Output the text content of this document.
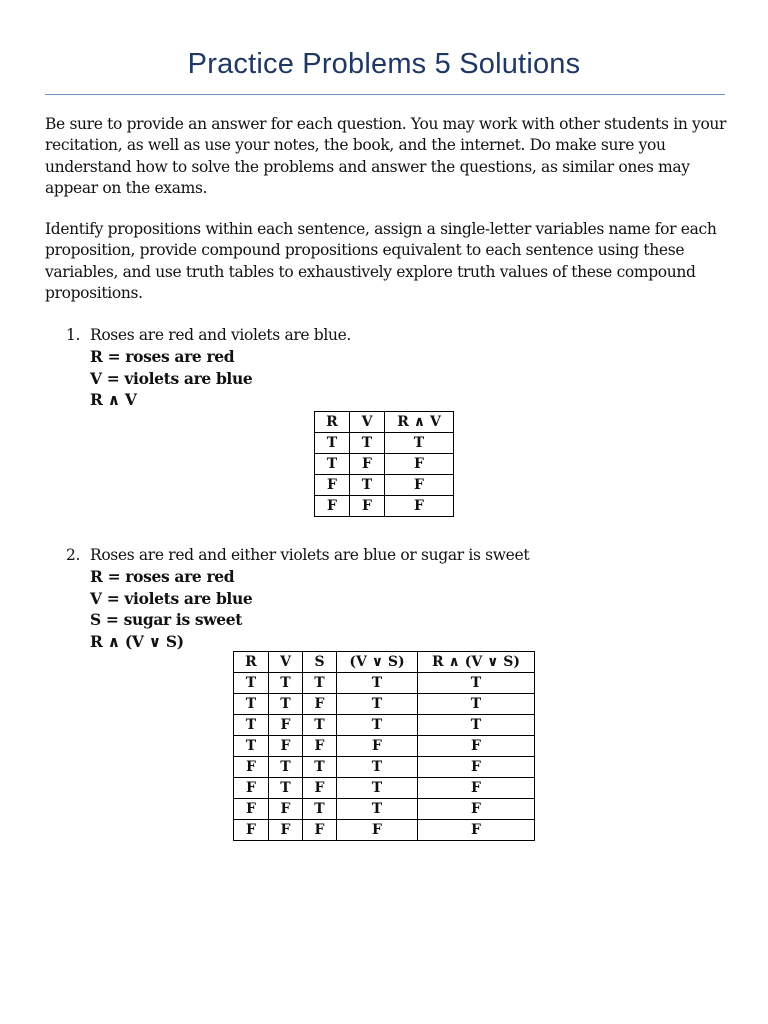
Practice Problems 5 Solutions
Be sure to provide an answer for each question. You may work with other students in your recitation, as well as use your notes, the book, and the internet. Do make sure you understand how to solve the problems and answer the questions, as similar ones may appear on the exams.
Identify propositions within each sentence, assign a single-letter variables name for each proposition, provide compound propositions equivalent to each sentence using these variables, and use truth tables to exhaustively explore truth values of these compound propositions.
1. Roses are red and violets are blue.
R = roses are red
V = violets are blue
R ∧ V
R	V	R ∧ V
T	T	T
T	F	F
F	T	F
F	F	F
2. Roses are red and either violets are blue or sugar is sweet
R = roses are red
V = violets are blue
S = sugar is sweet
R ∧ (V ∨ S)
R	V	S	(V ∨ S)	R ∧ (V ∨ S)
T	T	T	T	T
T	T	F	T	T
T	F	T	T	T
T	F	F	F	F
F	T	T	T	F
F	T	F	T	F
F	F	T	T	F
F	F	F	F	F
